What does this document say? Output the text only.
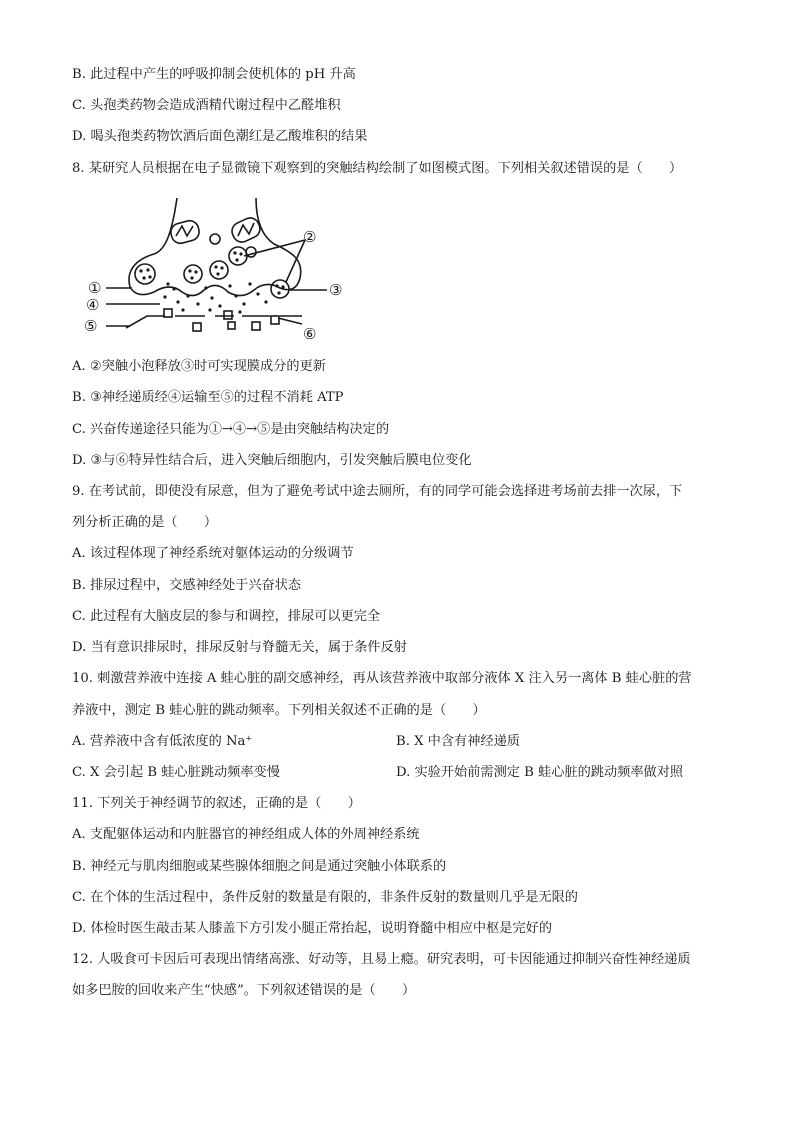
B. 此过程中产生的呼吸抑制会使机体的 pH 升高
C. 头孢类药物会造成酒精代谢过程中乙醛堆积
D. 喝头孢类药物饮酒后面色潮红是乙酸堆积的结果
8. 某研究人员根据在电子显微镜下观察到的突触结构绘制了如图模式图。下列相关叙述错误的是（　　）
①
②
③
④
⑤	⑥
A. ②突触小泡释放③时可实现膜成分的更新
B. ③神经递质经④运输至⑤的过程不消耗 ATP
C. 兴奋传递途径只能为①→④→⑤是由突触结构决定的
D. ③与⑥特异性结合后，进入突触后细胞内，引发突触后膜电位变化
9. 在考试前，即使没有尿意，但为了避免考试中途去厕所，有的同学可能会选择进考场前去排一次尿，下
列分析正确的是（　　）
A. 该过程体现了神经系统对躯体运动的分级调节
B. 排尿过程中，交感神经处于兴奋状态
C. 此过程有大脑皮层的参与和调控，排尿可以更完全
D. 当有意识排尿时，排尿反射与脊髓无关，属于条件反射
10. 刺激营养液中连接 A 蛙心脏的副交感神经，再从该营养液中取部分液体 X 注入另一离体 B 蛙心脏的营
养液中，测定 B 蛙心脏的跳动频率。下列相关叙述不正确的是（　　）
A. 营养液中含有低浓度的 Na⁺	B. X 中含有神经递质
C. X 会引起 B 蛙心脏跳动频率变慢	D. 实验开始前需测定 B 蛙心脏的跳动频率做对照
11. 下列关于神经调节的叙述，正确的是（　　）
A. 支配躯体运动和内脏器官的神经组成人体的外周神经系统
B. 神经元与肌肉细胞或某些腺体细胞之间是通过突触小体联系的
C. 在个体的生活过程中，条件反射的数量是有限的，非条件反射的数量则几乎是无限的
D. 体检时医生敲击某人膝盖下方引发小腿正常抬起，说明脊髓中相应中枢是完好的
12. 人吸食可卡因后可表现出情绪高涨、好动等，且易上瘾。研究表明，可卡因能通过抑制兴奋性神经递质
如多巴胺的回收来产生“快感”。下列叙述错误的是（　　）
